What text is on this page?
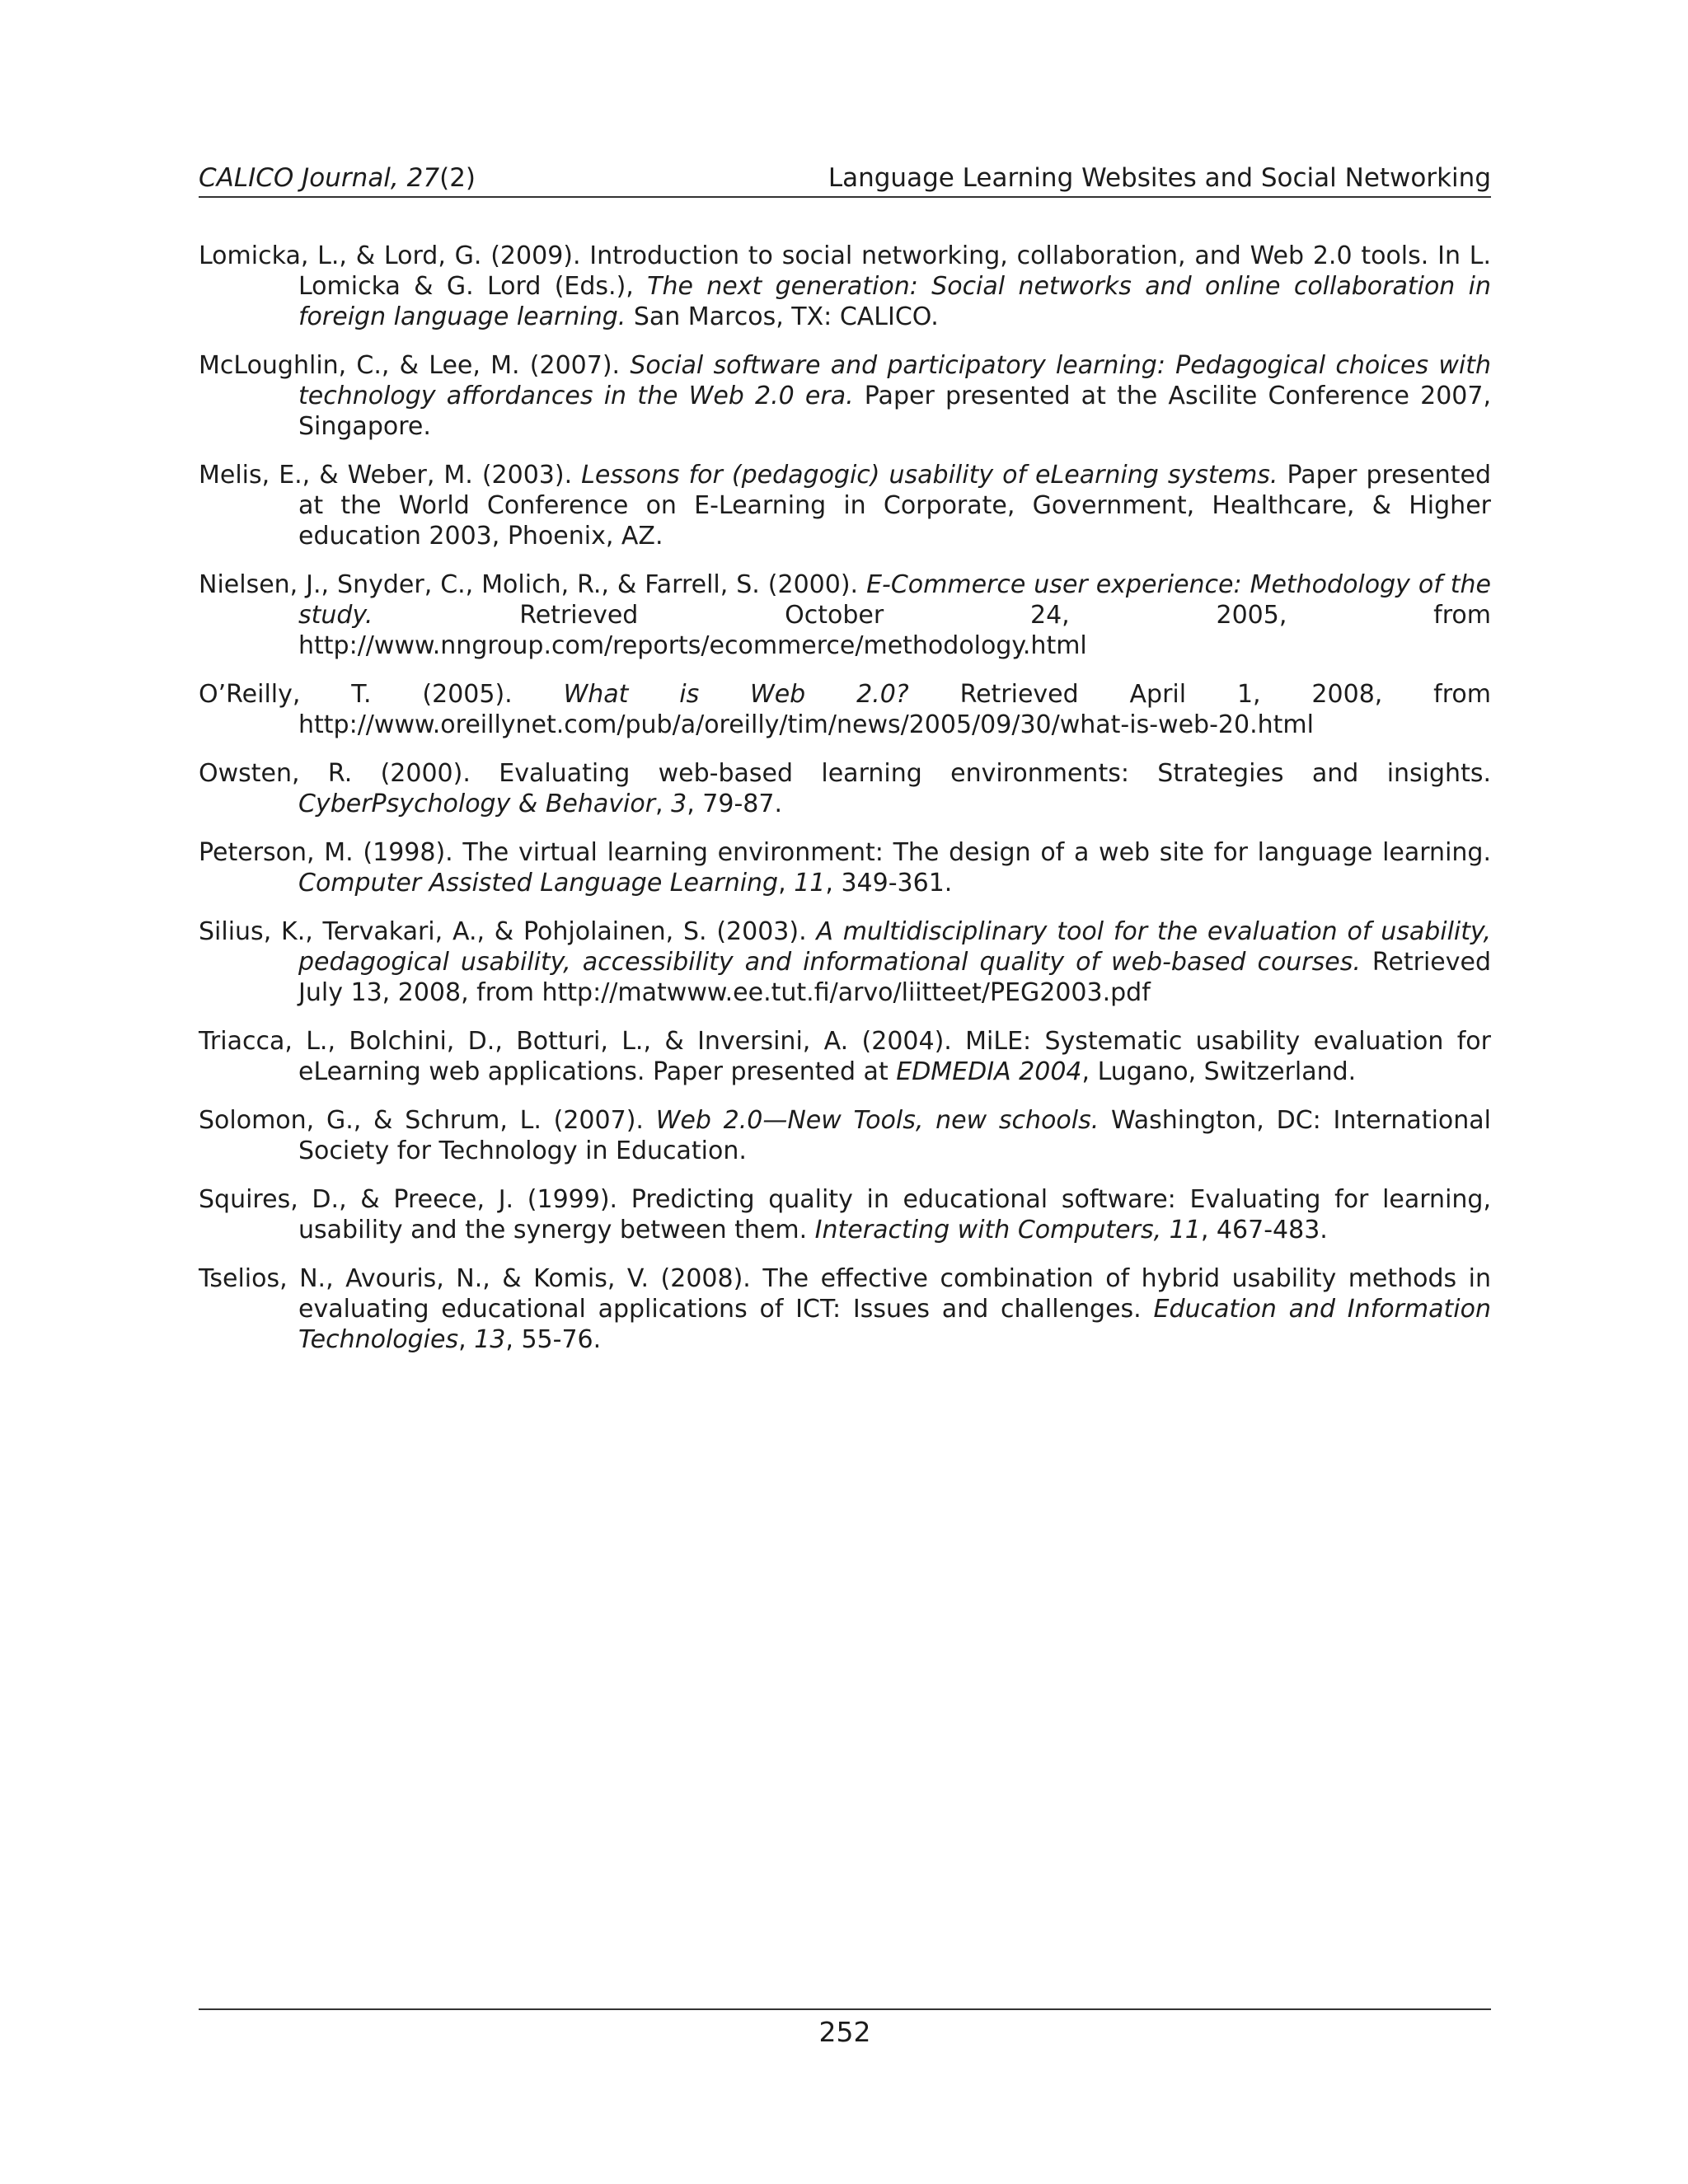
CALICO Journal, 27(2)	Language Learning Websites and Social Networking

Lomicka, L., & Lord, G. (2009). Introduction to social networking, collaboration, and Web 2.0 tools. In L. Lomicka & G. Lord (Eds.), The next generation: Social networks and online collaboration in foreign language learning. San Marcos, TX: CALICO.

McLoughlin, C., & Lee, M. (2007). Social software and participatory learning: Pedagogical choices with technology affordances in the Web 2.0 era. Paper presented at the Ascilite Conference 2007, Singapore.

Melis, E., & Weber, M. (2003). Lessons for (pedagogic) usability of eLearning systems. Paper presented at the World Conference on E-Learning in Corporate, Government, Healthcare, & Higher education 2003, Phoenix, AZ.

Nielsen, J., Snyder, C., Molich, R., & Farrell, S. (2000). E-Commerce user experience: Methodology of the study. Retrieved October 24, 2005, from http://www.nngroup.com/reports/ecommerce/methodology.html

O’Reilly, T. (2005). What is Web 2.0? Retrieved April 1, 2008, from http://www.oreillynet.com/pub/a/oreilly/tim/news/2005/09/30/what-is-web-20.html

Owsten, R. (2000). Evaluating web-based learning environments: Strategies and insights. CyberPsychology & Behavior, 3, 79-87.

Peterson, M. (1998). The virtual learning environment: The design of a web site for language learning. Computer Assisted Language Learning, 11, 349-361.

Silius, K., Tervakari, A., & Pohjolainen, S. (2003). A multidisciplinary tool for the evaluation of usability, pedagogical usability, accessibility and informational quality of web-based courses. Retrieved July 13, 2008, from http://matwww.ee.tut.fi/arvo/liitteet/PEG2003.pdf

Triacca, L., Bolchini, D., Botturi, L., & Inversini, A. (2004). MiLE: Systematic usability evaluation for eLearning web applications. Paper presented at EDMEDIA 2004, Lugano, Switzerland.

Solomon, G., & Schrum, L. (2007). Web 2.0—New Tools, new schools. Washington, DC: International Society for Technology in Education.

Squires, D., & Preece, J. (1999). Predicting quality in educational software: Evaluating for learning, usability and the synergy between them. Interacting with Computers, 11, 467-483.

Tselios, N., Avouris, N., & Komis, V. (2008). The effective combination of hybrid usability methods in evaluating educational applications of ICT: Issues and challenges. Education and Information Technologies, 13, 55-76.

252
